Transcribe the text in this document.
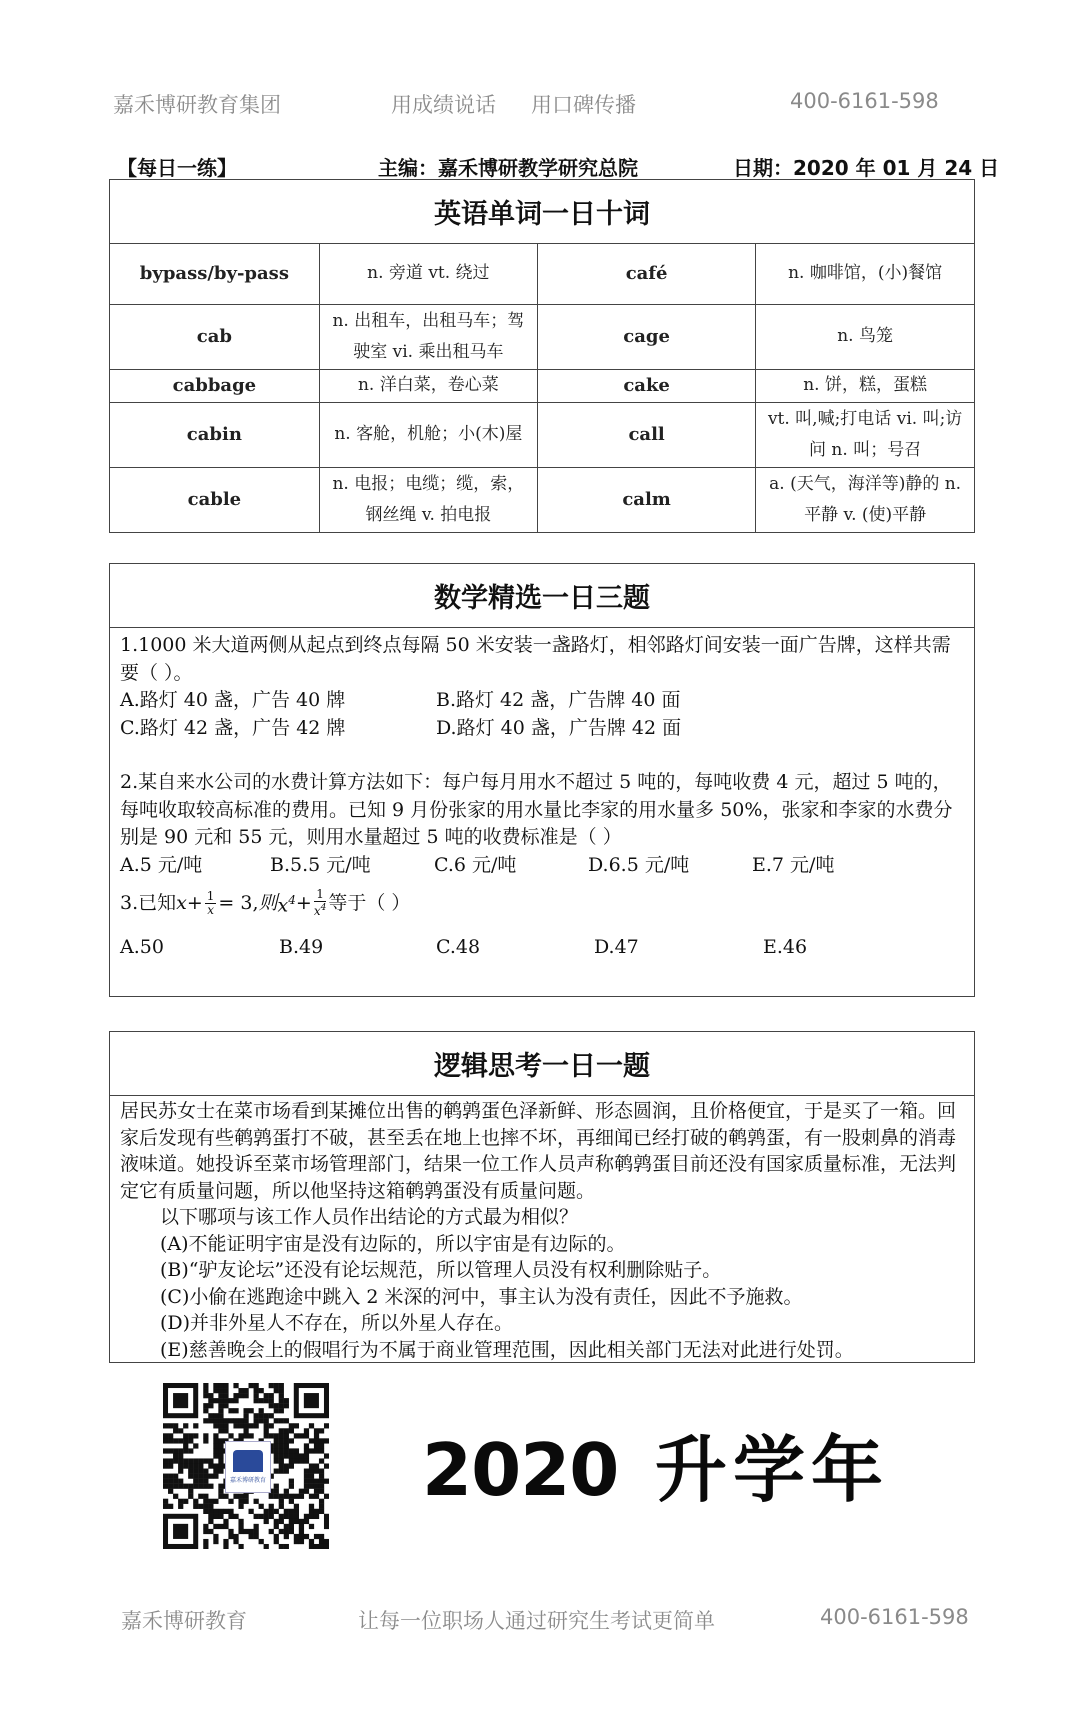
嘉禾博研教育集团	用成绩说话 用口碑传播	400-6161-598
【每日一练】	主编：嘉禾博研教学研究总院	日期：2020 年 01 月 24 日
英语单词一日十词
bypass/by-pass	n. 旁道 vt. 绕过	café	n. 咖啡馆，(小)餐馆
cab	n. 出租车，出租马车；驾驶室 vi. 乘出租马车	cage	n. 鸟笼
cabbage	n. 洋白菜，卷心菜	cake	n. 饼，糕，蛋糕
cabin	n. 客舱，机舱；小(木)屋	call	vt. 叫,喊;打电话 vi. 叫;访问 n. 叫；号召
cable	n. 电报；电缆；缆，索，钢丝绳 v. 拍电报	calm	a. (天气，海洋等)静的 n. 平静 v. (使)平静
数学精选一日三题
1.1000 米大道两侧从起点到终点每隔 50 米安装一盏路灯，相邻路灯间安装一面广告牌，这样共需要（ ）。
A.路灯 40 盏，广告 40 牌	B.路灯 42 盏，广告牌 40 面
C.路灯 42 盏，广告 42 牌	D.路灯 40 盏，广告牌 42 面
2.某自来水公司的水费计算方法如下：每户每月用水不超过 5 吨的，每吨收费 4 元，超过 5 吨的，每吨收取较高标准的费用。已知 9 月份张家的用水量比李家的用水量多 50%，张家和李家的水费分别是 90 元和 55 元，则用水量超过 5 吨的收费标准是（ ）
A.5 元/吨	B.5.5 元/吨	C.6 元/吨	D.6.5 元/吨	E.7 元/吨
3.已知 $x + \frac{1}{x} = 3$, 则 $x^4 + \frac{1}{x^4}$ 等于（ ）
A.50	B.49	C.48	D.47	E.46
逻辑思考一日一题
居民苏女士在菜市场看到某摊位出售的鹌鹑蛋色泽新鲜、形态圆润，且价格便宜，于是买了一箱。回家后发现有些鹌鹑蛋打不破，甚至丢在地上也摔不坏，再细闻已经打破的鹌鹑蛋，有一股刺鼻的消毒液味道。她投诉至菜市场管理部门，结果一位工作人员声称鹌鹑蛋目前还没有国家质量标准，无法判定它有质量问题，所以他坚持这箱鹌鹑蛋没有质量问题。
以下哪项与该工作人员作出结论的方式最为相似？
(A)不能证明宇宙是没有边际的，所以宇宙是有边际的。
(B)“驴友论坛”还没有论坛规范，所以管理人员没有权利删除贴子。
(C)小偷在逃跑途中跳入 2 米深的河中，事主认为没有责任，因此不予施救。
(D)并非外星人不存在，所以外星人存在。
(E)慈善晚会上的假唱行为不属于商业管理范围，因此相关部门无法对此进行处罚。
嘉禾博研教育 2020 升学年
嘉禾博研教育	让每一位职场人通过研究生考试更简单	400-6161-598
